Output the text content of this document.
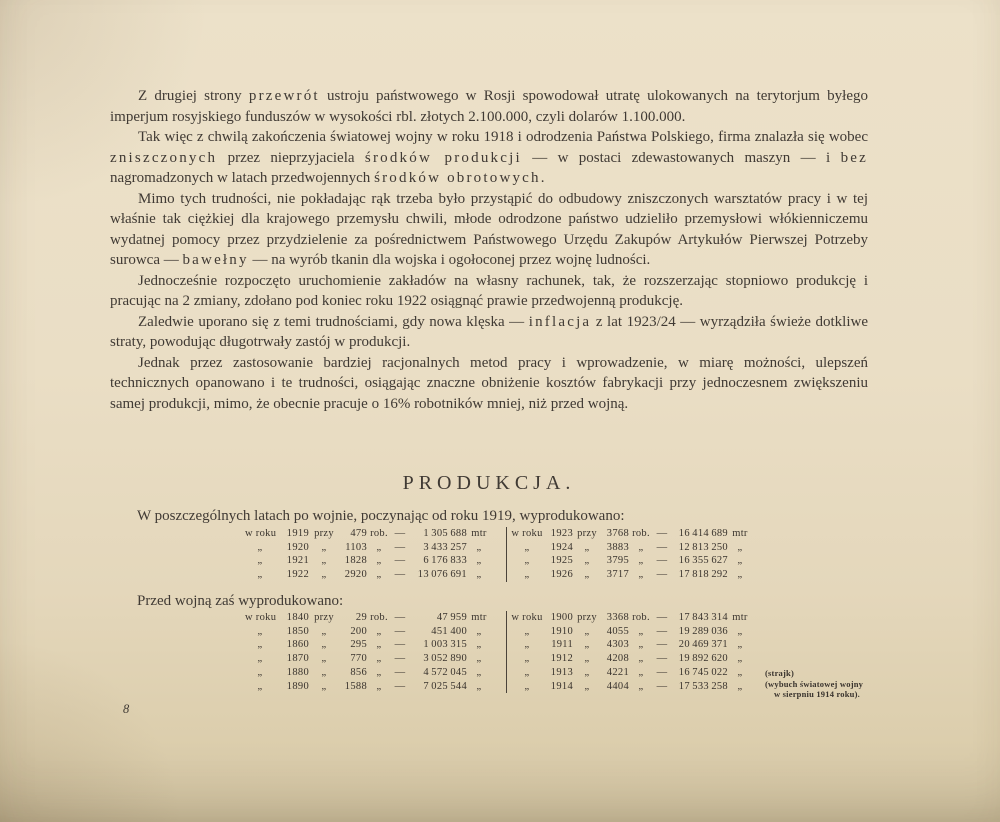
Z drugiej strony przewrót ustroju państwowego w Rosji spowodował utratę ulokowanych na terytorjum byłego imperjum rosyjskiego funduszów w wysokości rbl. złotych 2.100.000, czyli dolarów 1.100.000.

Tak więc z chwilą zakończenia światowej wojny w roku 1918 i odrodzenia Państwa Polskiego, firma znalazła się wobec zniszczonych przez nieprzyjaciela środków produkcji — w postaci zdewastowanych maszyn — i bez nagromadzonych w latach przedwojennych środków obrotowych.

Mimo tych trudności, nie pokładając rąk trzeba było przystąpić do odbudowy zniszczonych warsztatów pracy i w tej właśnie tak ciężkiej dla krajowego przemysłu chwili, młode odrodzone państwo udzieliło przemysłowi włókienniczemu wydatnej pomocy przez przydzielenie za pośrednictwem Państwowego Urzędu Zakupów Artykułów Pierwszej Potrzeby surowca — bawełny — na wyrób tkanin dla wojska i ogołoconej przez wojnę ludności.

Jednocześnie rozpoczęto uruchomienie zakładów na własny rachunek, tak, że rozszerzając stopniowo produkcję i pracując na 2 zmiany, zdołano pod koniec roku 1922 osiągnąć prawie przedwojenną produkcję.

Zaledwie uporano się z temi trudnościami, gdy nowa klęska — inflacja z lat 1923/24 — wyrządziła świeże dotkliwe straty, powodując długotrwały zastój w produkcji.

Jednak przez zastosowanie bardziej racjonalnych metod pracy i wprowadzenie, w miarę możności, ulepszeń technicznych opanowano i te trudności, osiągając znaczne obniżenie kosztów fabrykacji przy jednoczesnem zwiększeniu samej produkcji, mimo, że obecnie pracuje o 16% robotników mniej, niż przed wojną.

PRODUKCJA.
W poszczególnych latach po wojnie, poczynając od roku 1919, wyprodukowano:
w roku	1919 przy	479 rob. —	1 305 688 mtr
„	1920	„	1103 „	—	3 433 257 „
„	1921	„	1828 „	—	6 176 833 „
„	1922	„	2920 „	—	13 076 691 „
w roku 1923 przy 3768 rob. —	16 414 689 mtr
„	1924	„	3883 „	—	12 813 250 „
„	1925	„	3795 „	—	16 355 627 „
„	1926	„	3717 „	—	17 818 292 „
Przed wojną zaś wyprodukowano:
w roku	1840 przy	29 rob. —	47 959 mtr
„	1850	„	200 „	—	451 400 „
„	1860	„	295 „	—	1 003 315 „
„	1870	„	770 „	—	3 052 890 „
„	1880	„	856 „	—	4 572 045 „
„	1890	„	1588 „	—	7 025 544 „
w roku 1900 przy 3368 rob. —	17 843 314 mtr
„	1910	„	4055 „	—	19 289 036 „
„	1911	„	4303 „	—	20 469 371 „
„	1912	„	4208 „	—	19 892 620 „
„	1913	„	4221 „	—	16 745 022 „
„	1914	„	4404 „	—	17 533 258 „
(strajk)
(wybuch światowej wojny
w sierpniu 1914 roku).
8
